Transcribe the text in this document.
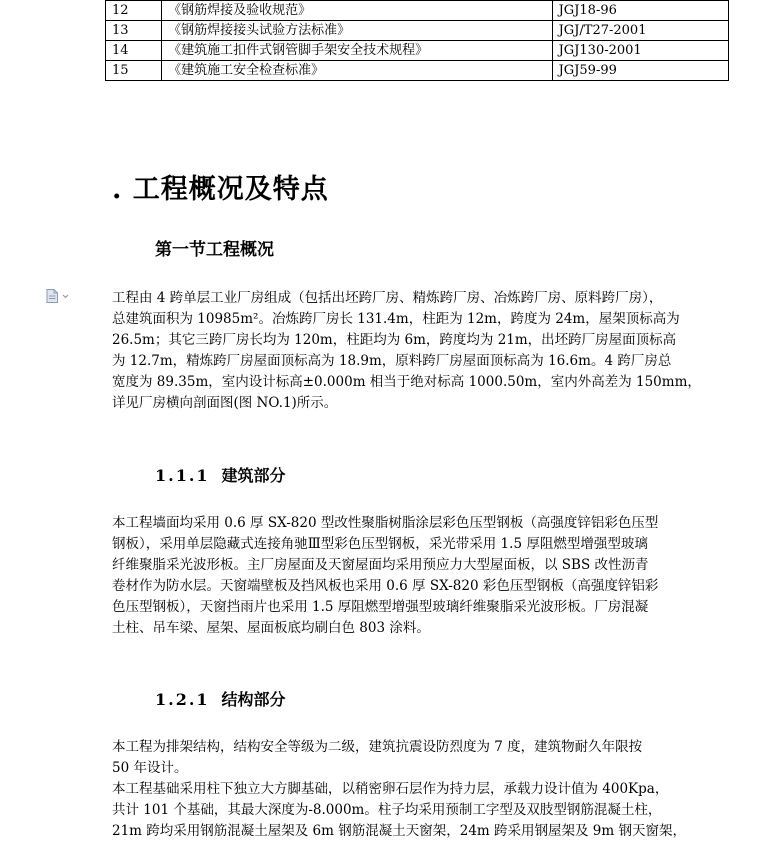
12	《钢筋焊接及验收规范》	JGJ18-96
13	《钢筋焊接接头试验方法标准》	JGJ/T27-2001
14	《建筑施工扣件式钢管脚手架安全技术规程》	JGJ130-2001
15	《建筑施工安全检查标准》	JGJ59-99
. 工程概况及特点
第一节工程概况
工程由 4 跨单层工业厂房组成（包括出坯跨厂房、精炼跨厂房、冶炼跨厂房、原料跨厂房），
总建筑面积为 10985m²。冶炼跨厂房长 131.4m，柱距为 12m，跨度为 24m，屋架顶标高为
26.5m；其它三跨厂房长均为 120m，柱距均为 6m，跨度均为 21m，出坯跨厂房屋面顶标高
为 12.7m，精炼跨厂房屋面顶标高为 18.9m，原料跨厂房屋面顶标高为 16.6m。4 跨厂房总
宽度为 89.35m，室内设计标高±0.000m 相当于绝对标高 1000.50m，室内外高差为 150mm，
详见厂房横向剖面图(图 NO.1)所示。
1.1.1 建筑部分
本工程墙面均采用 0.6 厚 SX-820 型改性聚脂树脂涂层彩色压型钢板（高强度锌铝彩色压型
钢板），采用单层隐藏式连接角驰Ⅲ型彩色压型钢板，采光带采用 1.5 厚阻燃型增强型玻璃
纤维聚脂采光波形板。主厂房屋面及天窗屋面均采用预应力大型屋面板，以 SBS 改性沥青
卷材作为防水层。天窗端壁板及挡风板也采用 0.6 厚 SX-820 彩色压型钢板（高强度锌铝彩
色压型钢板），天窗挡雨片也采用 1.5 厚阻燃型增强型玻璃纤维聚脂采光波形板。厂房混凝
土柱、吊车梁、屋架、屋面板底均刷白色 803 涂料。
1.2.1 结构部分
本工程为排架结构，结构安全等级为二级，建筑抗震设防烈度为 7 度，建筑物耐久年限按
50 年设计。
本工程基础采用柱下独立大方脚基础，以稍密卵石层作为持力层，承载力设计值为 400Kpa，
共计 101 个基础，其最大深度为-8.000m。柱子均采用预制工字型及双肢型钢筋混凝土柱，
21m 跨均采用钢筋混凝土屋架及 6m 钢筋混凝土天窗架，24m 跨采用钢屋架及 9m 钢天窗架，
